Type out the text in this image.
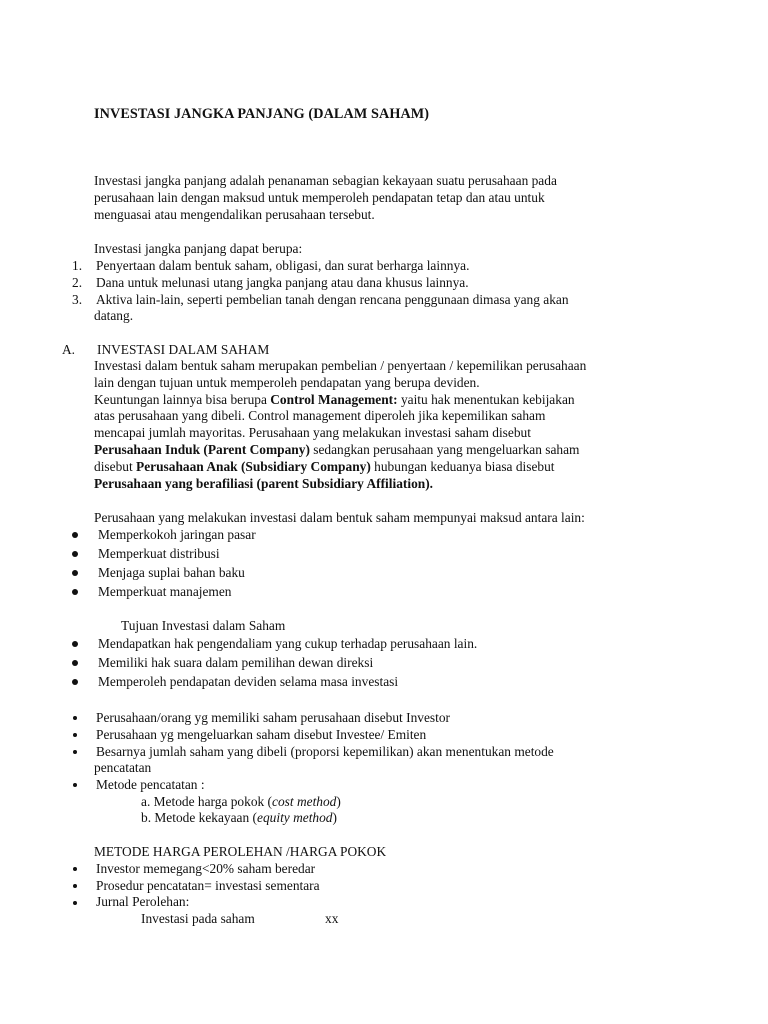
INVESTASI JANGKA PANJANG (DALAM SAHAM)
Investasi jangka panjang adalah penanaman sebagian kekayaan suatu perusahaan pada
perusahaan lain dengan maksud untuk memperoleh pendapatan tetap dan atau untuk
menguasai atau mengendalikan perusahaan tersebut.
Investasi jangka panjang dapat berupa:
1. Penyertaan dalam bentuk saham, obligasi, dan surat berharga lainnya.
2. Dana untuk melunasi utang jangka panjang atau dana khusus lainnya.
3. Aktiva lain-lain, seperti pembelian tanah dengan rencana penggunaan dimasa yang akan
datang.
A. INVESTASI DALAM SAHAM
Investasi dalam bentuk saham merupakan pembelian / penyertaan / kepemilikan perusahaan
lain dengan tujuan untuk memperoleh pendapatan yang berupa deviden.
Keuntungan lainnya bisa berupa Control Management: yaitu hak menentukan kebijakan
atas perusahaan yang dibeli. Control management diperoleh jika kepemilikan saham
mencapai jumlah mayoritas. Perusahaan yang melakukan investasi saham disebut
Perusahaan Induk (Parent Company) sedangkan perusahaan yang mengeluarkan saham
disebut Perusahaan Anak (Subsidiary Company) hubungan keduanya biasa disebut
Perusahaan yang berafiliasi (parent Subsidiary Affiliation).
Perusahaan yang melakukan investasi dalam bentuk saham mempunyai maksud antara lain:
Memperkokoh jaringan pasar
Memperkuat distribusi
Menjaga suplai bahan baku
Memperkuat manajemen
Tujuan Investasi dalam Saham
Mendapatkan hak pengendaliam yang cukup terhadap perusahaan lain.
Memiliki hak suara dalam pemilihan dewan direksi
Memperoleh pendapatan deviden selama masa investasi
Perusahaan/orang yg memiliki saham perusahaan disebut Investor
Perusahaan yg mengeluarkan saham disebut Investee/ Emiten
Besarnya jumlah saham yang dibeli (proporsi kepemilikan) akan menentukan metode
pencatatan
Metode pencatatan :
a. Metode harga pokok (cost method)
b. Metode kekayaan (equity method)
METODE HARGA PEROLEHAN /HARGA POKOK
Investor memegang<20% saham beredar
Prosedur pencatatan= investasi sementara
Jurnal Perolehan:
Investasi pada saham	xx
